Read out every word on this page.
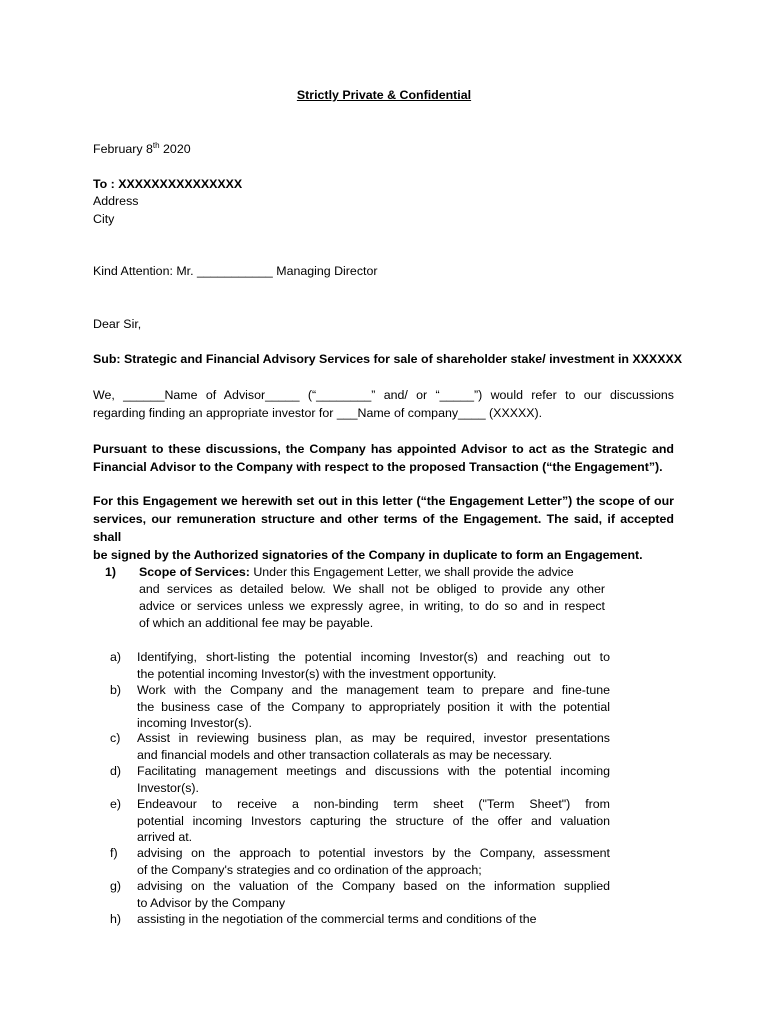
Strictly Private & Confidential
February 8th 2020
To : XXXXXXXXXXXXXXX
Address
City
Kind Attention: Mr. ___________ Managing Director
Dear Sir,
Sub: Strategic and Financial Advisory Services for sale of shareholder stake/ investment in XXXXXX
We, ______Name of Advisor_____ (“________” and/ or “_____”) would refer to our discussions
regarding finding an appropriate investor for ___Name of company____ (XXXXX).
Pursuant to these discussions, the Company has appointed Advisor to act as the Strategic and
Financial Advisor to the Company with respect to the proposed Transaction (“the Engagement”).
For this Engagement we herewith set out in this letter (“the Engagement Letter”) the scope of our
services, our remuneration structure and other terms of the Engagement. The said, if accepted shall
be signed by the Authorized signatories of the Company in duplicate to form an Engagement.
1) Scope of Services: Under this Engagement Letter, we shall provide the advice
and services as detailed below. We shall not be obliged to provide any other
advice or services unless we expressly agree, in writing, to do so and in respect
of which an additional fee may be payable.
a) Identifying, short-listing the potential incoming Investor(s) and reaching out to
the potential incoming Investor(s) with the investment opportunity.
b) Work with the Company and the management team to prepare and fine-tune
the business case of the Company to appropriately position it with the potential
incoming Investor(s).
c) Assist in reviewing business plan, as may be required, investor presentations
and financial models and other transaction collaterals as may be necessary.
d) Facilitating management meetings and discussions with the potential incoming
Investor(s).
e) Endeavour to receive a non-binding term sheet ("Term Sheet") from
potential incoming Investors capturing the structure of the offer and valuation
arrived at.
f) advising on the approach to potential investors by the Company, assessment
of the Company's strategies and co ordination of the approach;
g) advising on the valuation of the Company based on the information supplied
to Advisor by the Company
h) assisting in the negotiation of the commercial terms and conditions of the
